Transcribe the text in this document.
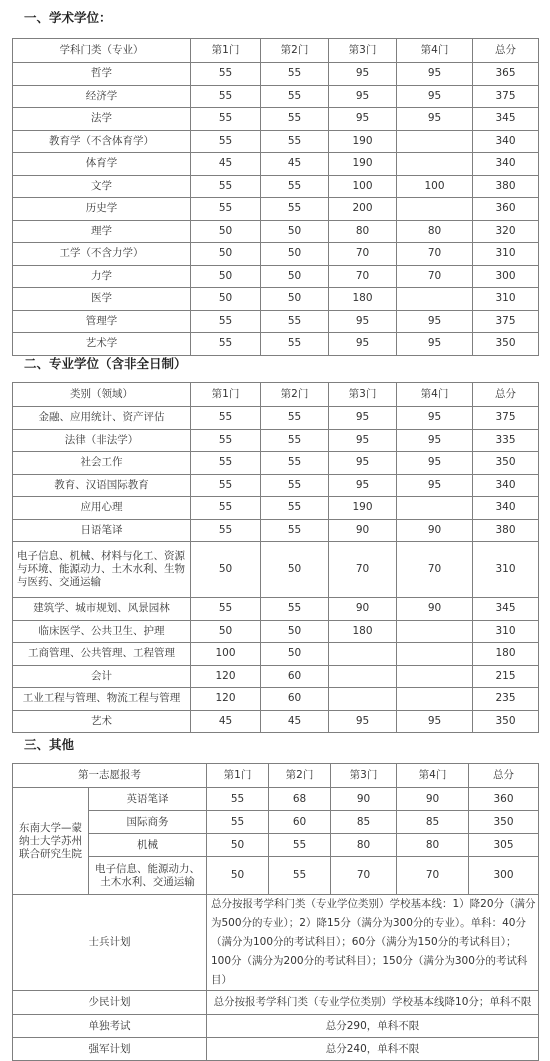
一、学术学位：
学科门类（专业）	第1门	第2门	第3门	第4门	总分
哲学	55	55	95	95	365
经济学	55	55	95	95	375
法学	55	55	95	95	345
教育学（不含体育学）	55	55	190		340
体育学	45	45	190		340
文学	55	55	100	100	380
历史学	55	55	200		360
理学	50	50	80	80	320
工学（不含力学）	50	50	70	70	310
力学	50	50	70	70	300
医学	50	50	180		310
管理学	55	55	95	95	375
艺术学	55	55	95	95	350
二、专业学位（含非全日制）
类别（领域）	第1门	第2门	第3门	第4门	总分
金融、应用统计、资产评估	55	55	95	95	375
法律（非法学）	55	55	95	95	335
社会工作	55	55	95	95	350
教育、汉语国际教育	55	55	95	95	340
应用心理	55	55	190		340
日语笔译	55	55	90	90	380
电子信息、机械、材料与化工、资源与环境、能源动力、土木水利、生物与医药、交通运输	50	50	70	70	310
建筑学、城市规划、风景园林	55	55	90	90	345
临床医学、公共卫生、护理	50	50	180		310
工商管理、公共管理、工程管理	100	50			180
会计	120	60			215
工业工程与管理、物流工程与管理	120	60			235
艺术	45	45	95	95	350
三、其他
第一志愿报考		第1门	第2门	第3门	第4门	总分
东南大学—蒙纳士大学苏州联合研究生院	英语笔译	55	68	90	90	360
	国际商务	55	60	85	85	350
	机械	50	55	80	80	305
	电子信息、能源动力、土木水利、交通运输	50	55	70	70	300
士兵计划		总分按报考学科门类（专业学位类别）学校基本线：1）降20分（满分为500分的专业）；2）降15分（满分为300分的专业）。单科：40分（满分为100分的考试科目）；60分（满分为150分的考试科目）；100分（满分为200分的考试科目）；150分（满分为300分的考试科目）				
少民计划		总分按报考学科门类（专业学位类别）学校基本线降10分；单科不限				
单独考试		总分290，单科不限				
强军计划		总分240，单科不限				
